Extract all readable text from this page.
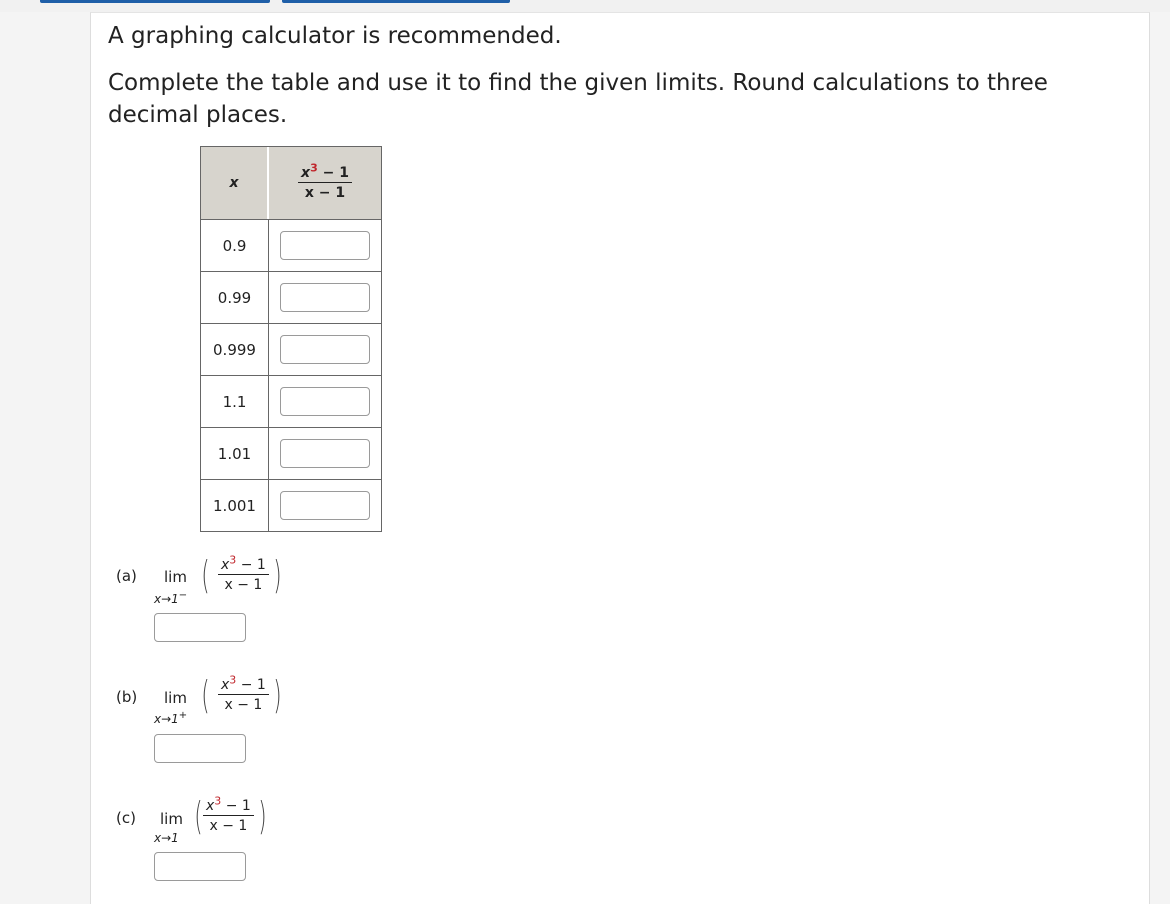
A graphing calculator is recommended.
Complete the table and use it to find the given limits. Round calculations to three decimal places.
x	$\frac{x^3 - 1}{x - 1}$

0.9	
0.99	
0.999	
1.1	
1.01	
1.001	
(a) lim
x→1− ( $\frac{x^3 - 1}{x - 1}$ )
(b) lim
x→1+ ( $\frac{x^3 - 1}{x - 1}$ )
(c) lim
x→1 ( $\frac{x^3 - 1}{x - 1}$ )
